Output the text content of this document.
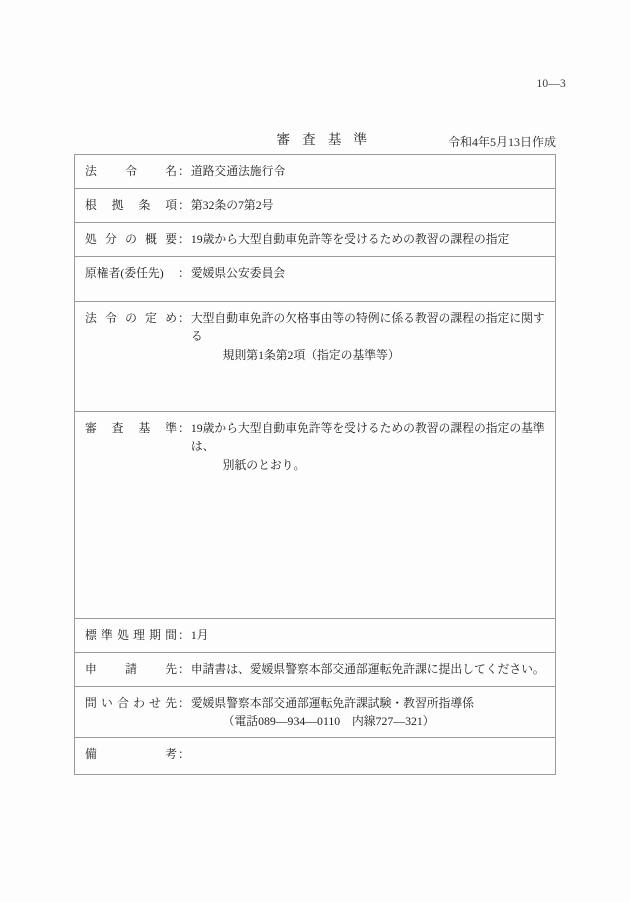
10—3

審査基準
	令和4年5月13日作成
法令名 ： 道路交通法施行令

根拠条項 ： 第32条の7第2号

処分の概要 ： 19歳から大型自動車免許等を受けるための教習の課程の指定

原権者(委任先)	： 愛媛県公安委員会

法令の定め ： 大型自動車免許の欠格事由等の特例に係る教習の課程の指定に関する
規則第1条第2項（指定の基準等）

審査基準 ： 19歳から大型自動車免許等を受けるための教習の課程の指定の基準は、
別紙のとおり。

標準処理期間 ： 1月

申請先 ： 申請書は、愛媛県警察本部交通部運転免許課に提出してください。

問い合わせ先 ： 愛媛県警察本部交通部運転免許課試験・教習所指導係
（電話089—934—0110　内線727—321）

備考 ：
